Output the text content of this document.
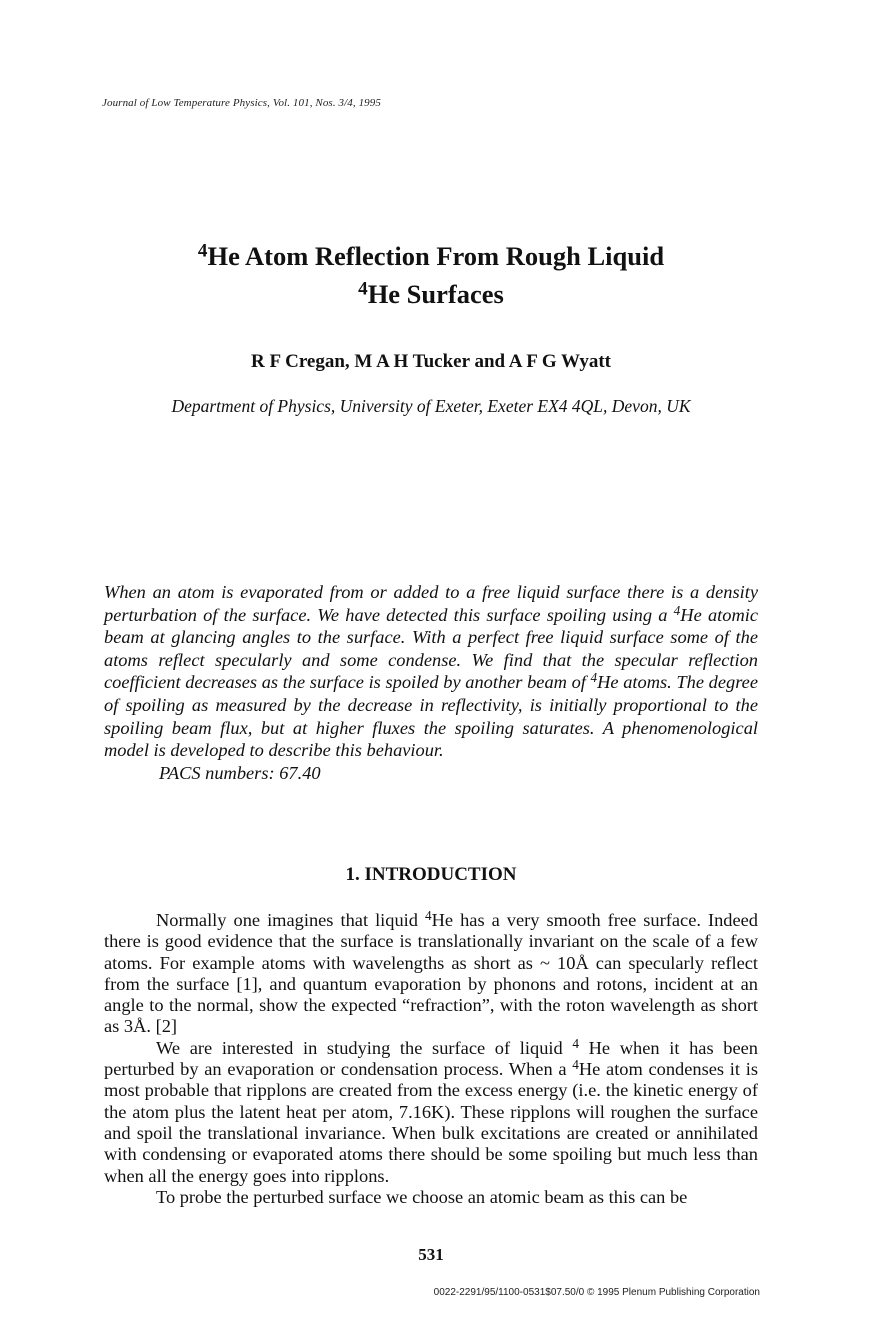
Journal of Low Temperature Physics, Vol. 101, Nos. 3/4, 1995
$^4$He Atom Reflection From Rough Liquid
$^4$He Surfaces
R F Cregan, M A H Tucker and A F G Wyatt
Department of Physics, University of Exeter, Exeter EX4 4QL, Devon, UK
When an atom is evaporated from or added to a free liquid surface there is a density perturbation of the surface. We have detected this surface spoiling using a $^4$He atomic beam at glancing angles to the surface. With a perfect free liquid surface some of the atoms reflect specularly and some condense. We find that the specular reflection coefficient decreases as the surface is spoiled by another beam of $^4$He atoms. The degree of spoiling as measured by the decrease in reflectivity, is initially proportional to the spoiling beam flux, but at higher fluxes the spoiling saturates. A phenomenological model is developed to describe this behaviour.
PACS numbers: 67.40
1. INTRODUCTION

Normally one imagines that liquid $^4$He has a very smooth free surface. Indeed there is good evidence that the surface is translationally invariant on the scale of a few atoms. For example atoms with wavelengths as short as ~ 10Å can specularly reflect from the surface [1], and quantum evaporation by phonons and rotons, incident at an angle to the normal, show the expected “refraction”, with the roton wavelength as short as 3Å. [2]

We are interested in studying the surface of liquid $^4$ He when it has been perturbed by an evaporation or condensation process. When a $^4$He atom condenses it is most probable that ripplons are created from the excess energy (i.e. the kinetic energy of the atom plus the latent heat per atom, 7.16K). These ripplons will roughen the surface and spoil the translational invariance. When bulk excitations are created or annihilated with condensing or evaporated atoms there should be some spoiling but much less than when all the energy goes into ripplons.

To probe the perturbed surface we choose an atomic beam as this can be

531
0022-2291/95/1100-0531$07.50/0 © 1995 Plenum Publishing Corporation
